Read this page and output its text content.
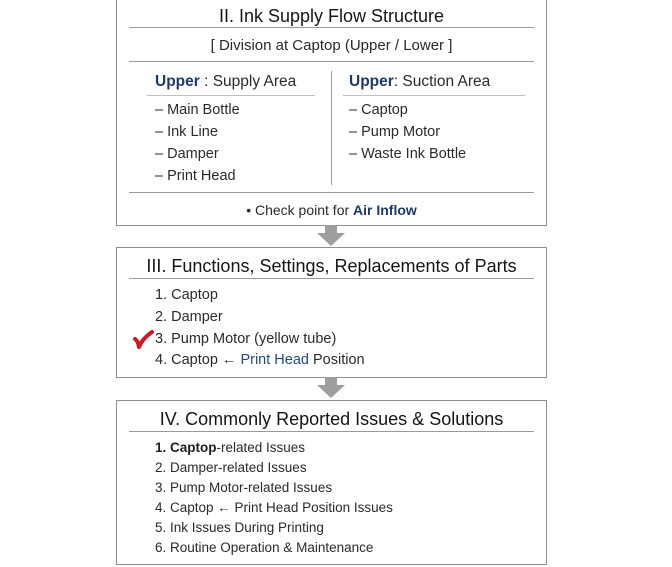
II. Ink Supply Flow Structure
[ Division at Captop (Upper / Lower ]
Upper : Supply Area
– Main Bottle
– Ink Line
– Damper
– Print Head
Upper: Suction Area
– Captop
– Pump Motor
– Waste Ink Bottle
• Check point for Air Inflow
III. Functions, Settings, Replacements of Parts
1. Captop
2. Damper
3. Pump Motor (yellow tube)
4. Captop ← Print Head Position
IV. Commonly Reported Issues & Solutions
1. Captop-related Issues
2. Damper-related Issues
3. Pump Motor-related Issues
4. Captop ← Print Head Position Issues
5. Ink Issues During Printing
6. Routine Operation & Maintenance
